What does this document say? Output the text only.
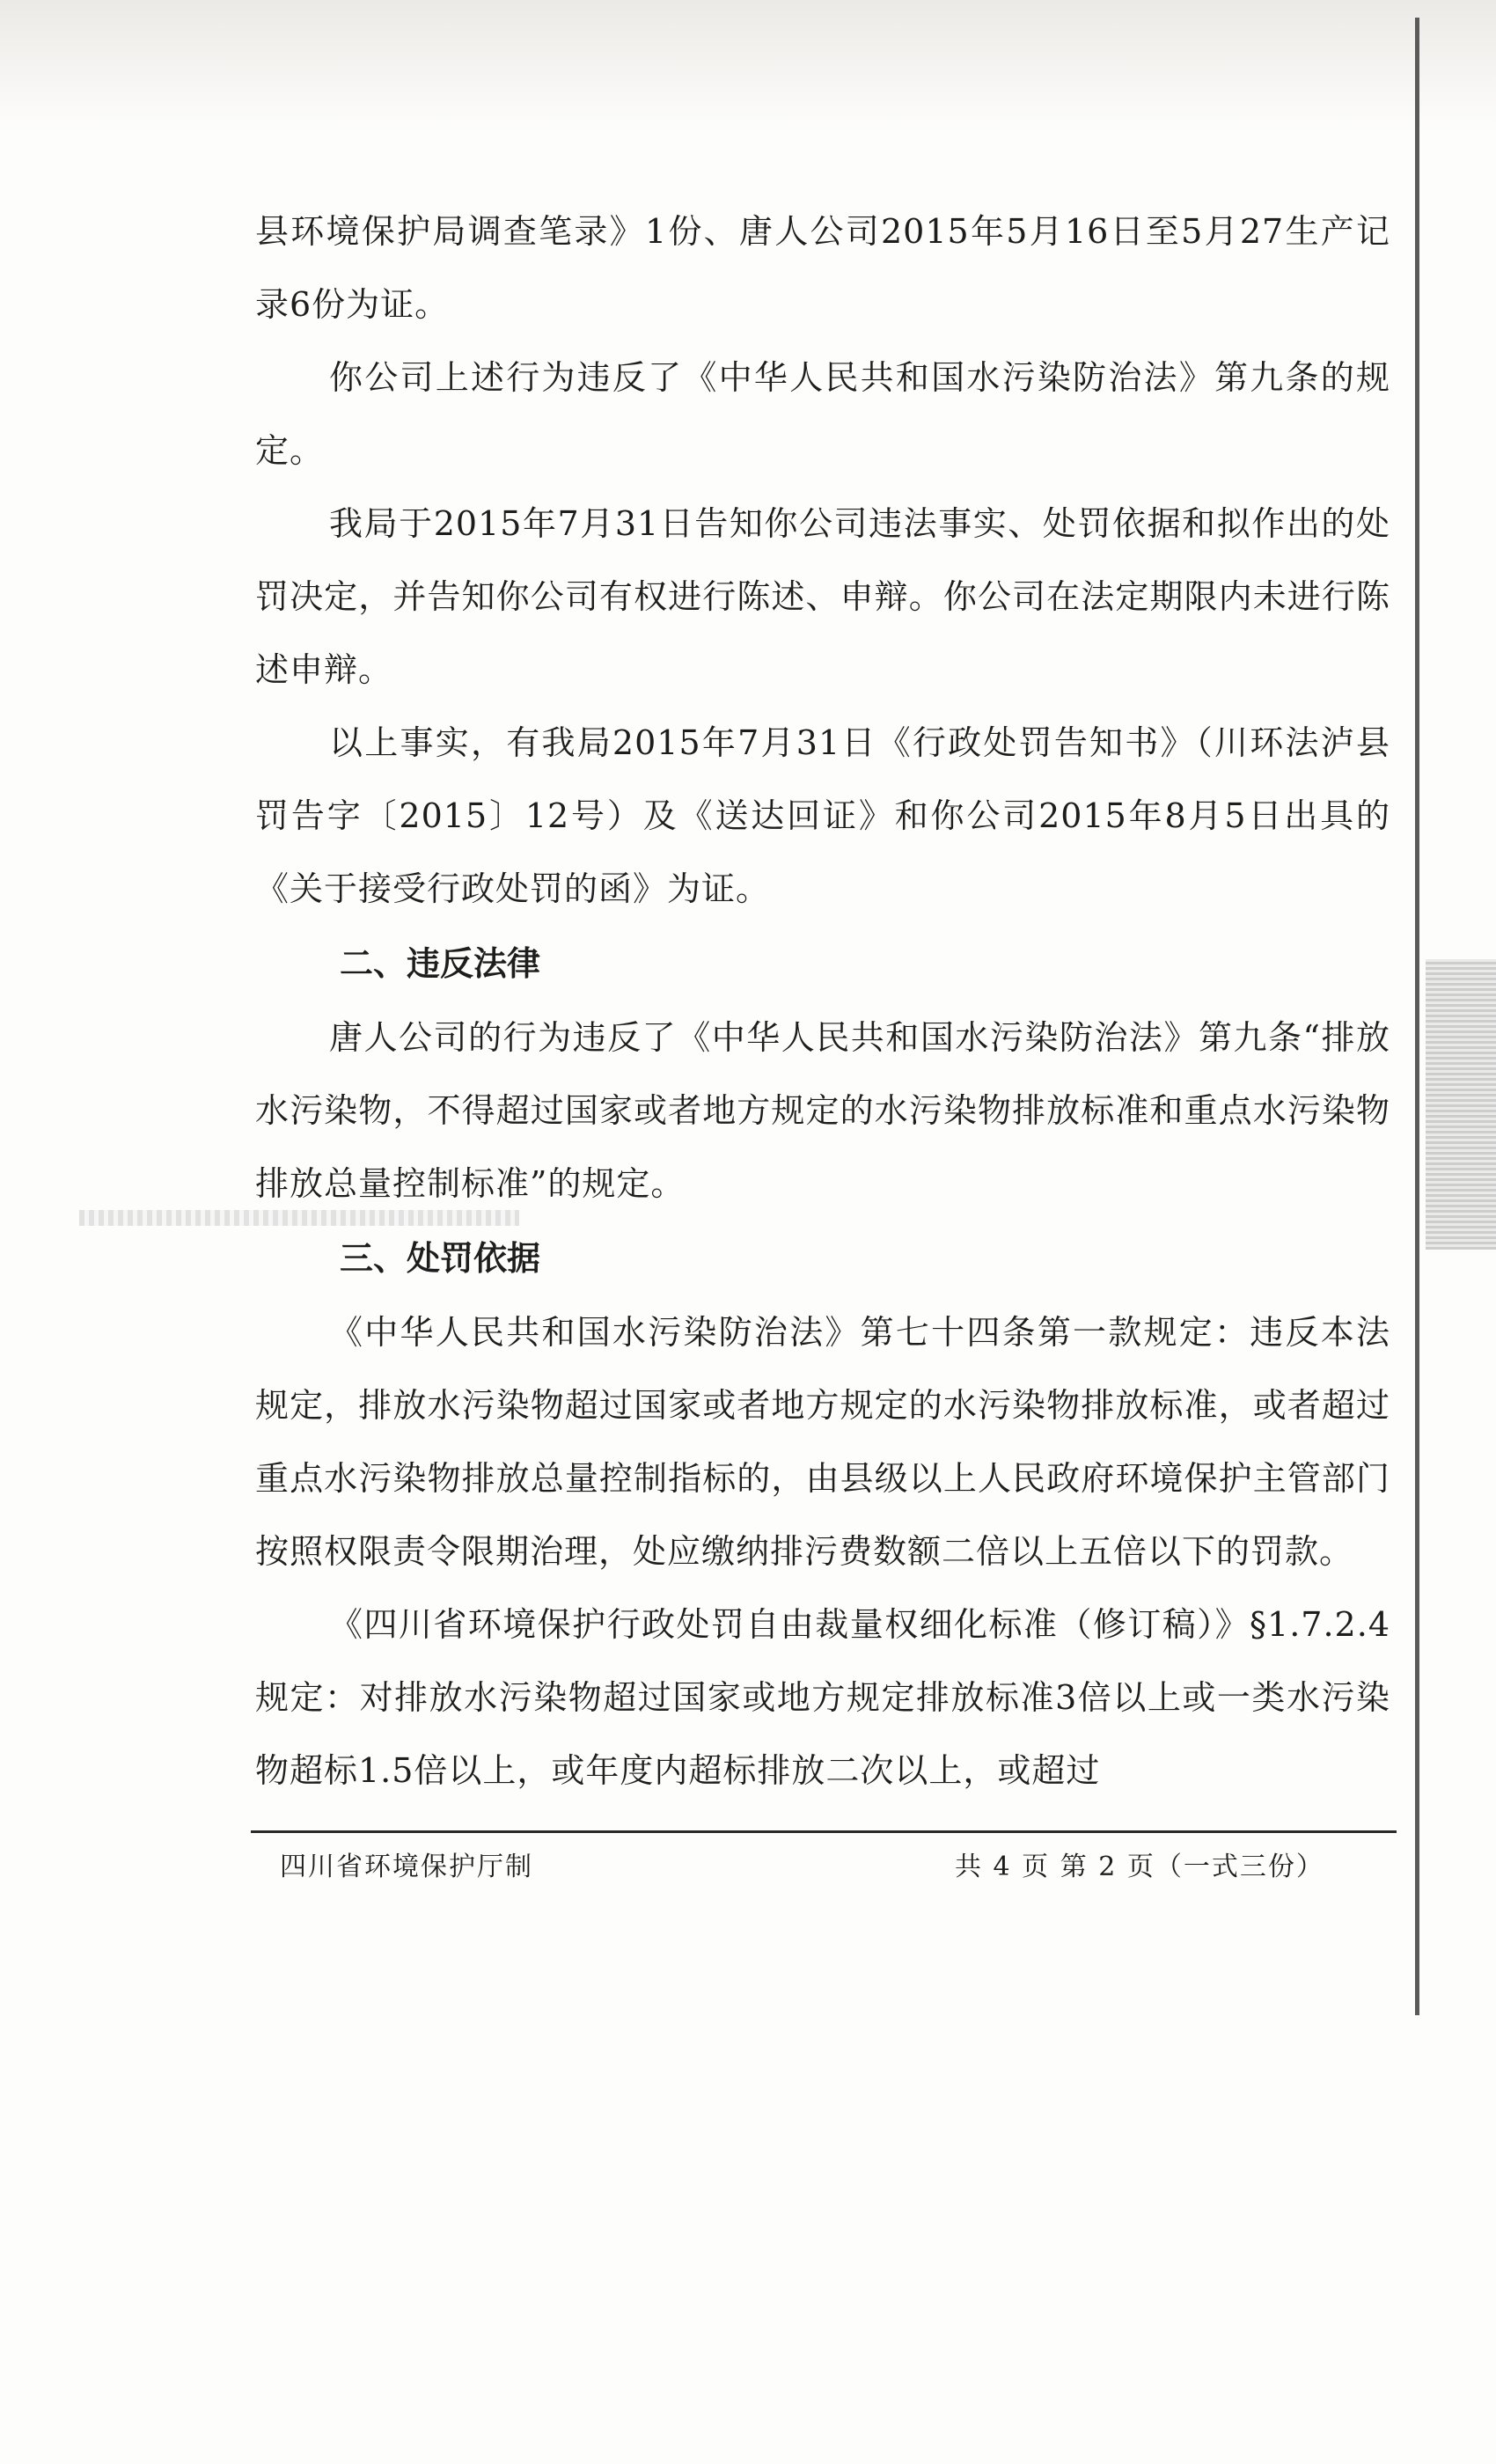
县环境保护局调查笔录》1份、唐人公司2015年5月16日至5月27生产记录6份为证。

你公司上述行为违反了《中华人民共和国水污染防治法》第九条的规定。

我局于2015年7月31日告知你公司违法事实、处罚依据和拟作出的处罚决定，并告知你公司有权进行陈述、申辩。你公司在法定期限内未进行陈述申辩。

以上事实，有我局2015年7月31日《行政处罚告知书》（川环法泸县罚告字〔2015〕12号）及《送达回证》和你公司2015年8月5日出具的《关于接受行政处罚的函》为证。

二、违反法律

唐人公司的行为违反了《中华人民共和国水污染防治法》第九条“排放水污染物，不得超过国家或者地方规定的水污染物排放标准和重点水污染物排放总量控制标准”的规定。

三、处罚依据

《中华人民共和国水污染防治法》第七十四条第一款规定：违反本法规定，排放水污染物超过国家或者地方规定的水污染物排放标准，或者超过重点水污染物排放总量控制指标的，由县级以上人民政府环境保护主管部门按照权限责令限期治理，处应缴纳排污费数额二倍以上五倍以下的罚款。

《四川省环境保护行政处罚自由裁量权细化标准（修订稿）》§1.7.2.4规定：对排放水污染物超过国家或地方规定排放标准3倍以上或一类水污染物超标1.5倍以上，或年度内超标排放二次以上，或超过

四川省环境保护厅制	共 4 页 第 2 页（一式三份）
